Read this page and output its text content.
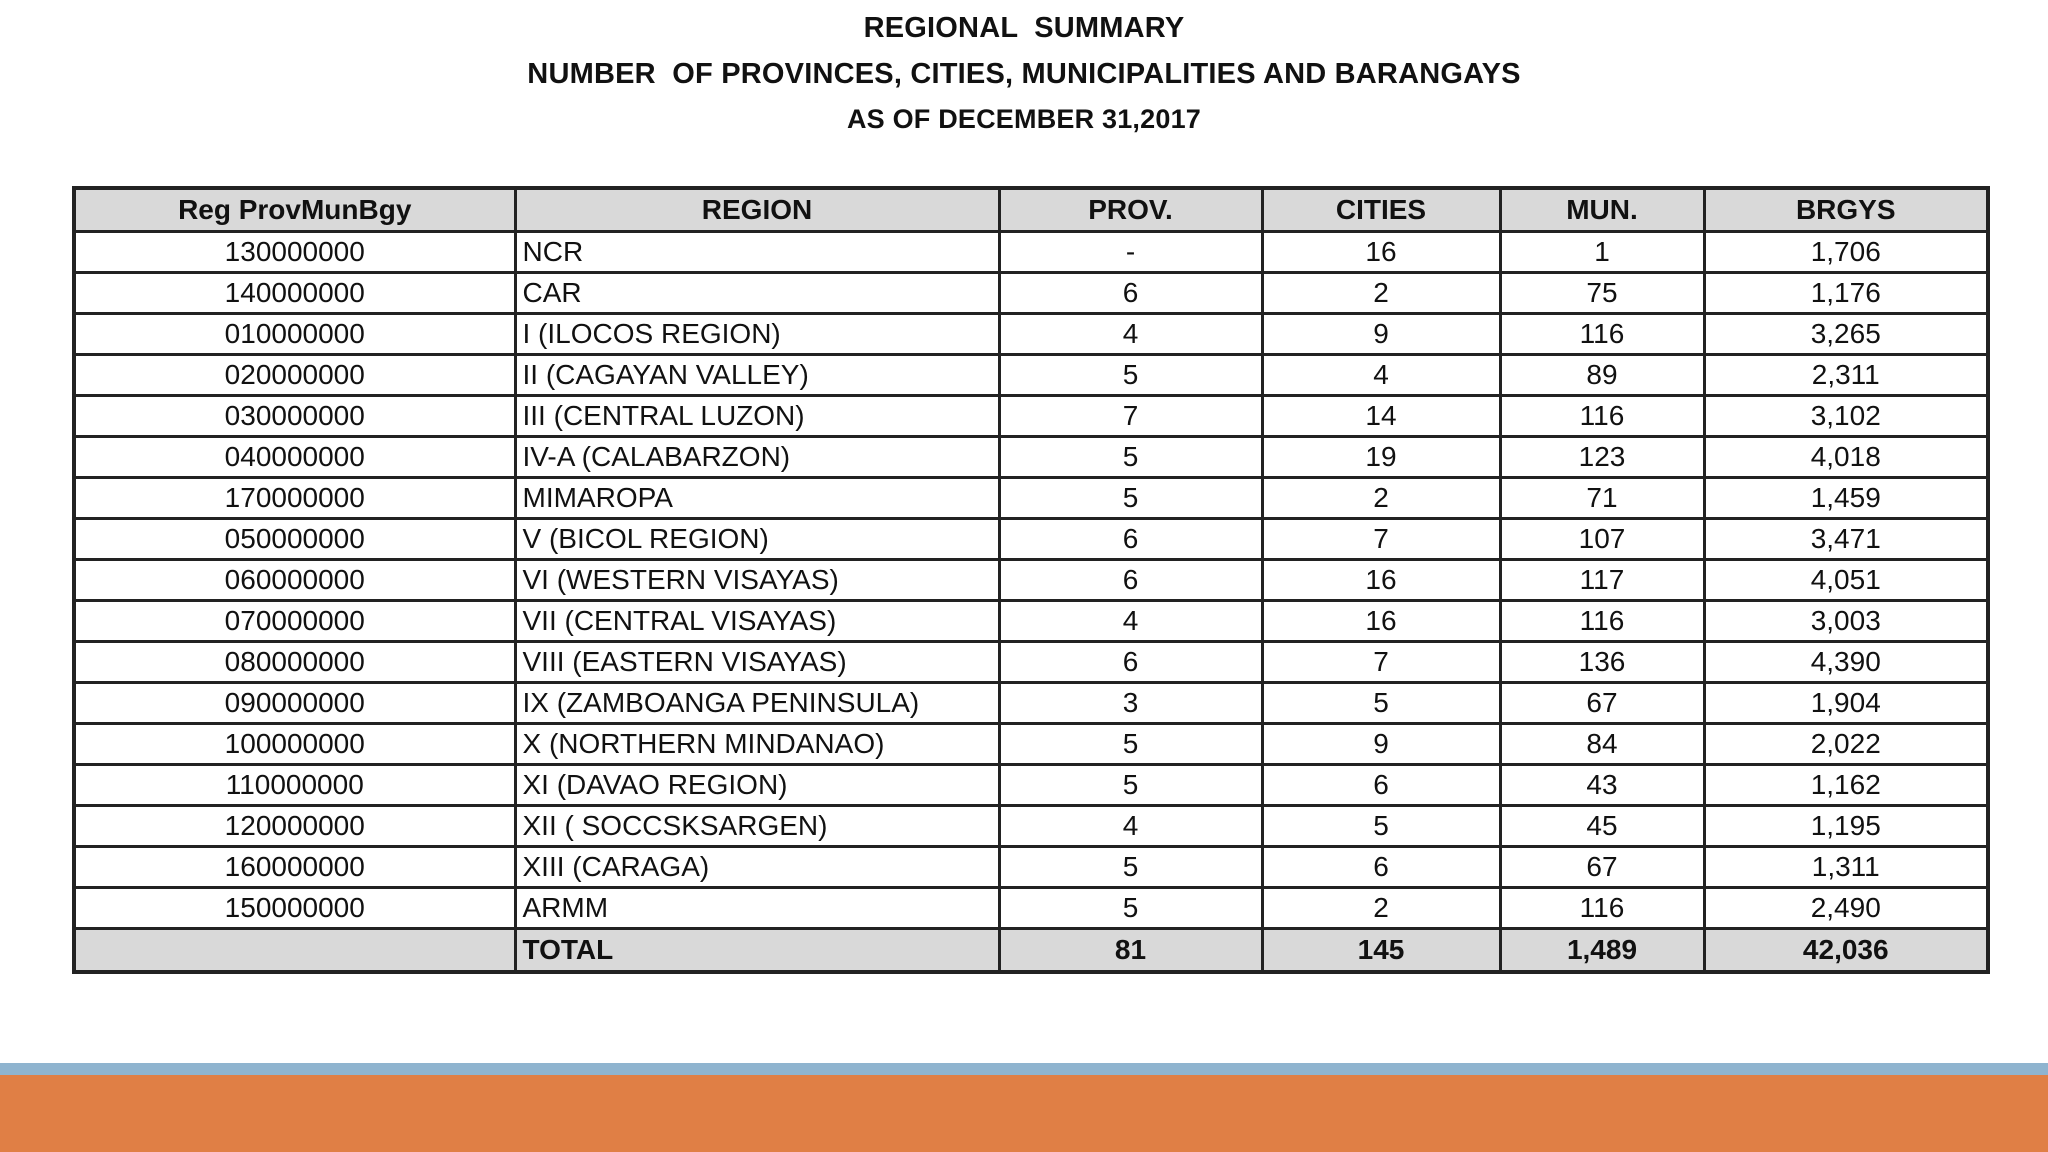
REGIONAL  SUMMARY
NUMBER  OF PROVINCES, CITIES, MUNICIPALITIES AND BARANGAYS
AS OF DECEMBER 31,2017
Reg ProvMunBgy	REGION	PROV.	CITIES	MUN.	BRGYS
130000000	NCR	-	16	1	1,706
140000000	CAR	6	2	75	1,176
010000000	I (ILOCOS REGION)	4	9	116	3,265
020000000	II (CAGAYAN VALLEY)	5	4	89	2,311
030000000	III (CENTRAL LUZON)	7	14	116	3,102
040000000	IV-A (CALABARZON)	5	19	123	4,018
170000000	MIMAROPA	5	2	71	1,459
050000000	V (BICOL REGION)	6	7	107	3,471
060000000	VI (WESTERN VISAYAS)	6	16	117	4,051
070000000	VII (CENTRAL VISAYAS)	4	16	116	3,003
080000000	VIII (EASTERN VISAYAS)	6	7	136	4,390
090000000	IX (ZAMBOANGA PENINSULA)	3	5	67	1,904
100000000	X (NORTHERN MINDANAO)	5	9	84	2,022
110000000	XI (DAVAO REGION)	5	6	43	1,162
120000000	XII ( SOCCSKSARGEN)	4	5	45	1,195
160000000	XIII (CARAGA)	5	6	67	1,311
150000000	ARMM	5	2	116	2,490
	TOTAL	81	145	1,489	42,036
